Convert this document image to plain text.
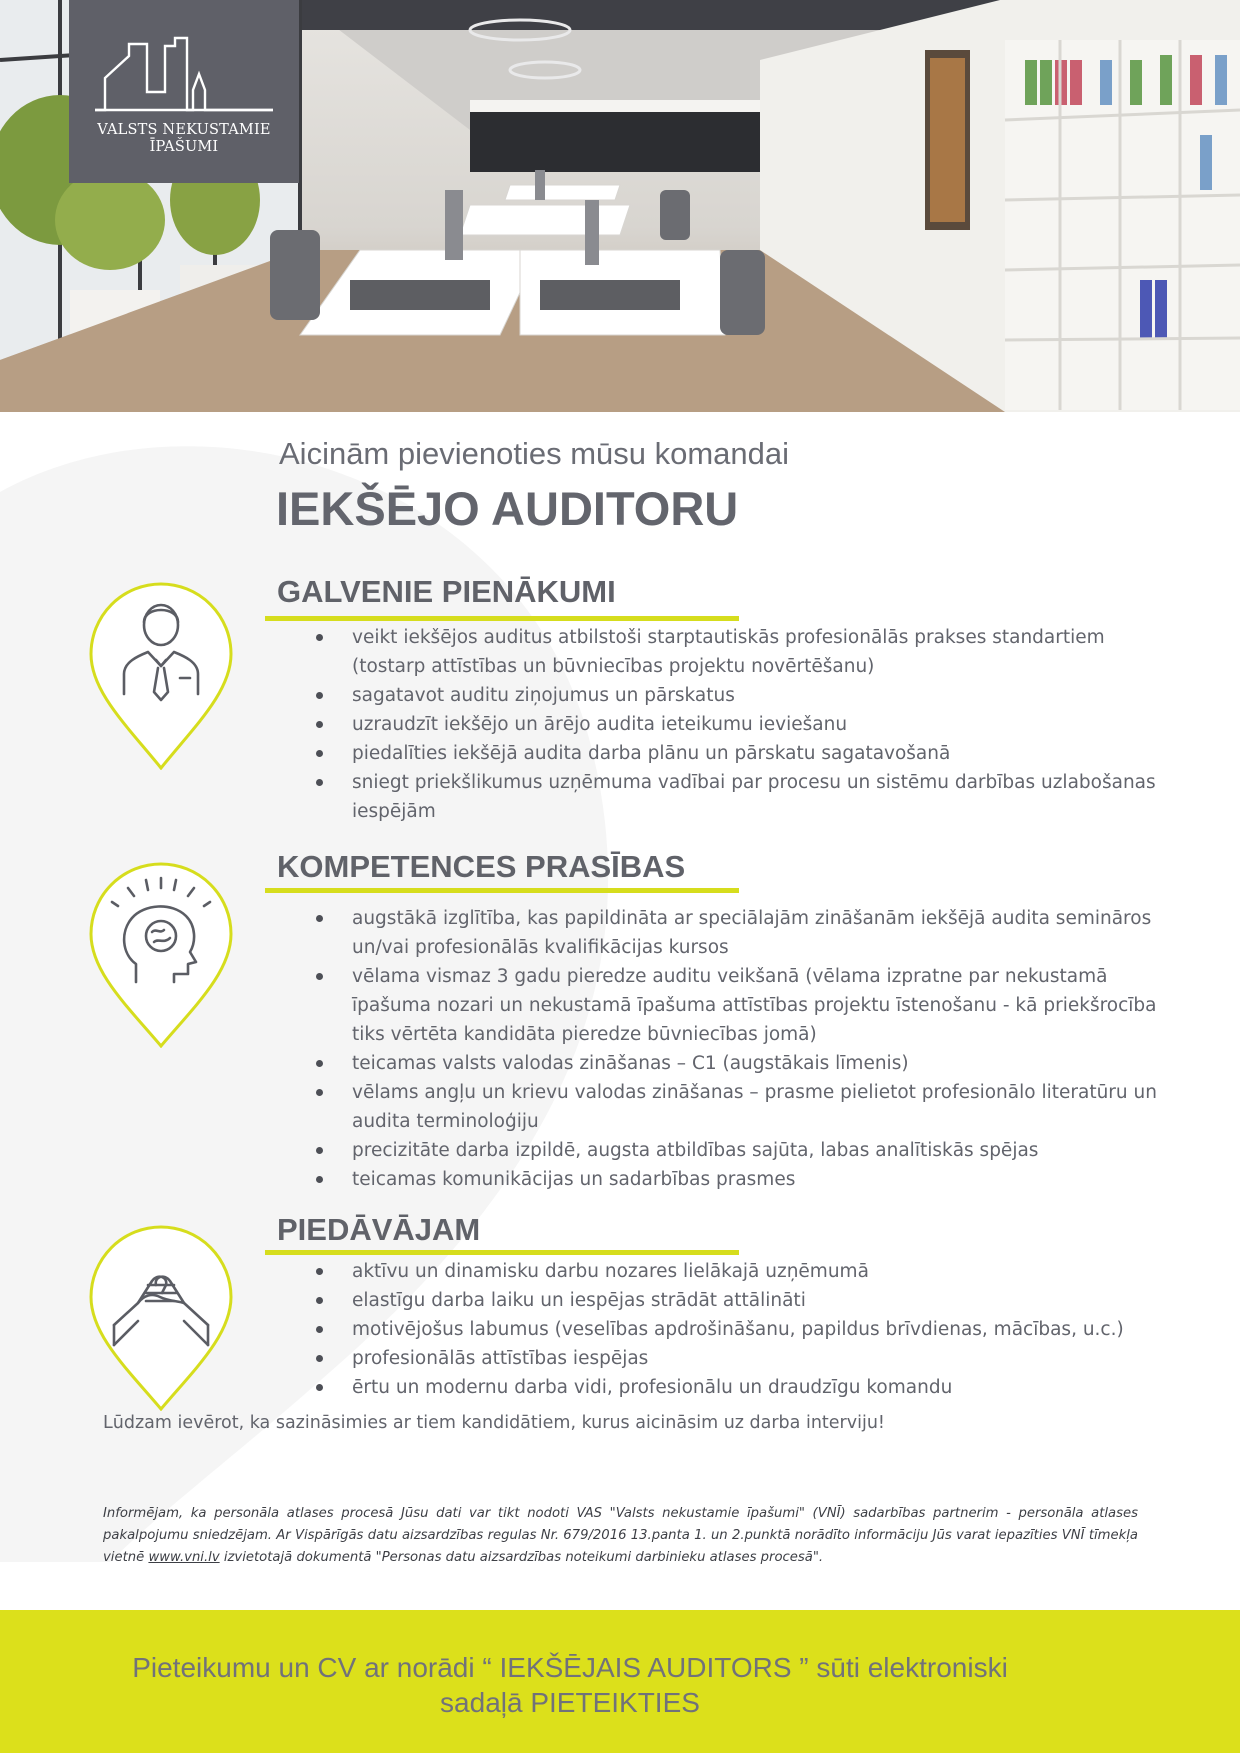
VALSTS NEKUSTAMIE
ĪPAŠUMI
Aicinām pievienoties mūsu komandai
IEKŠĒJO AUDITORU
GALVENIE PIENĀKUMI
veikt iekšējos auditus atbilstoši starptautiskās profesionālās prakses standartiem (tostarp attīstības un būvniecības projektu novērtēšanu)
sagatavot auditu ziņojumus un pārskatus
uzraudzīt iekšējo un ārējo audita ieteikumu ieviešanu
piedalīties iekšējā audita darba plānu un pārskatu sagatavošanā
sniegt priekšlikumus uzņēmuma vadībai par procesu un sistēmu darbības uzlabošanas iespējām
KOMPETENCES PRASĪBAS
augstākā izglītība, kas papildināta ar speciālajām zināšanām iekšējā audita semināros un/vai profesionālās kvalifikācijas kursos
vēlama vismaz 3 gadu pieredze auditu veikšanā (vēlama izpratne par nekustamā īpašuma nozari un nekustamā īpašuma attīstības projektu īstenošanu - kā priekšrocība tiks vērtēta kandidāta pieredze būvniecības jomā)
teicamas valsts valodas zināšanas – C1 (augstākais līmenis)
vēlams angļu un krievu valodas zināšanas – prasme pielietot profesionālo literatūru un audita terminoloģiju
precizitāte darba izpildē, augsta atbildības sajūta, labas analītiskās spējas
teicamas komunikācijas un sadarbības prasmes
PIEDĀVĀJAM
aktīvu un dinamisku darbu nozares lielākajā uzņēmumā
elastīgu darba laiku un iespējas strādāt attālināti
motivējošus labumus (veselības apdrošināšanu, papildus brīvdienas, mācības, u.c.)
profesionālās attīstības iespējas
ērtu un modernu darba vidi, profesionālu un draudzīgu komandu
Lūdzam ievērot, ka sazināsimies ar tiem kandidātiem, kurus aicināsim uz darba interviju!
Informējam, ka personāla atlases procesā Jūsu dati var tikt nodoti VAS "Valsts nekustamie īpašumi" (VNĪ) sadarbības partnerim - personāla atlases pakalpojumu sniedzējam. Ar Vispārīgās datu aizsardzības regulas Nr. 679/2016 13.panta 1. un 2.punktā norādīto informāciju Jūs varat iepazīties VNĪ tīmekļa vietnē www.vni.lv izvietotajā dokumentā "Personas datu aizsardzības noteikumi darbinieku atlases procesā".
Pieteikumu un CV ar norādi “ IEKŠĒJAIS AUDITORS ” sūti elektroniski
sadaļā PIETEIKTIES
